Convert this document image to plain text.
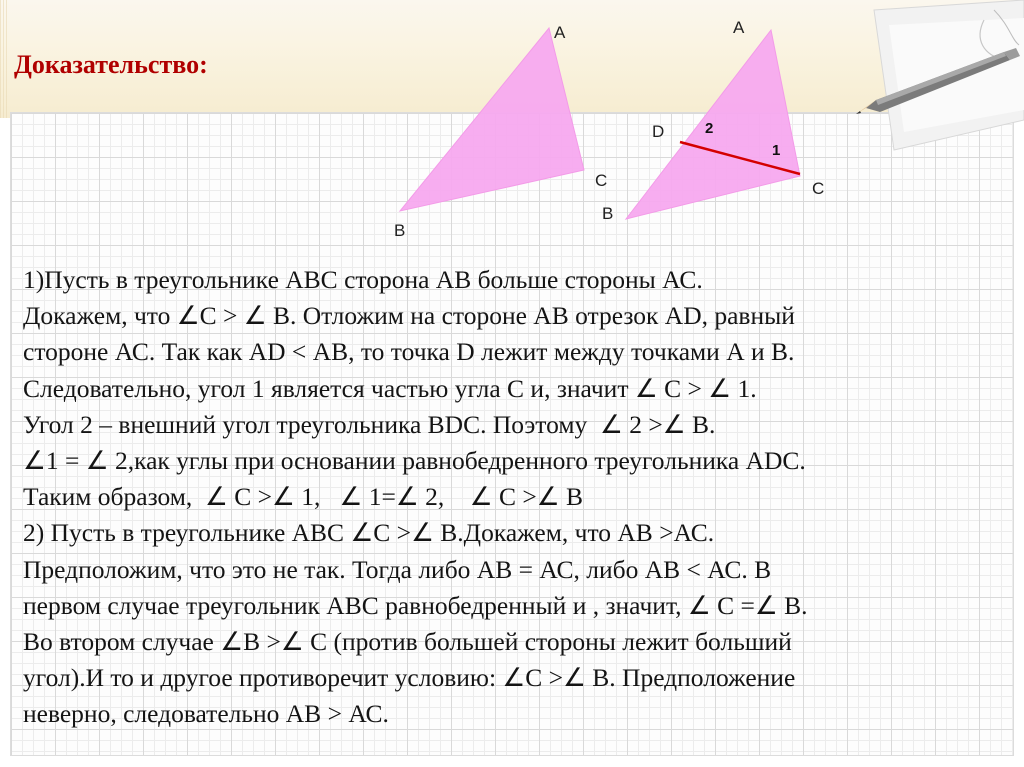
Доказательство:
A
C
B
A
D
C
B
2
1
1)Пусть в треугольнике АВС сторона АВ больше стороны АС.
Докажем, что ∠С > ∠ В. Отложим на стороне АВ отрезок АD, равный
стороне АС. Так как АD < АВ, то точка D лежит между точками А и В.
Следовательно, угол 1 является частью угла С и, значит ∠ С > ∠ 1.
Угол 2 – внешний угол треугольника ВDС. Поэтому  ∠ 2 >∠ В.
∠1 = ∠ 2,как углы при основании равнобедренного треугольника АDС.
Таким образом,  ∠ С >∠ 1,   ∠ 1=∠ 2,    ∠ С >∠ В
2) Пусть в треугольнике АВС ∠С >∠ В.Докажем, что АВ >АС.
Предположим, что это не так. Тогда либо АВ = АС, либо АВ < АС. В
первом случае треугольник АВС равнобедренный и , значит, ∠ С =∠ В.
Во втором случае ∠В >∠ С (против большей стороны лежит больший
угол).И то и другое противоречит условию: ∠С >∠ В. Предположение
неверно, следовательно АВ > АС.
